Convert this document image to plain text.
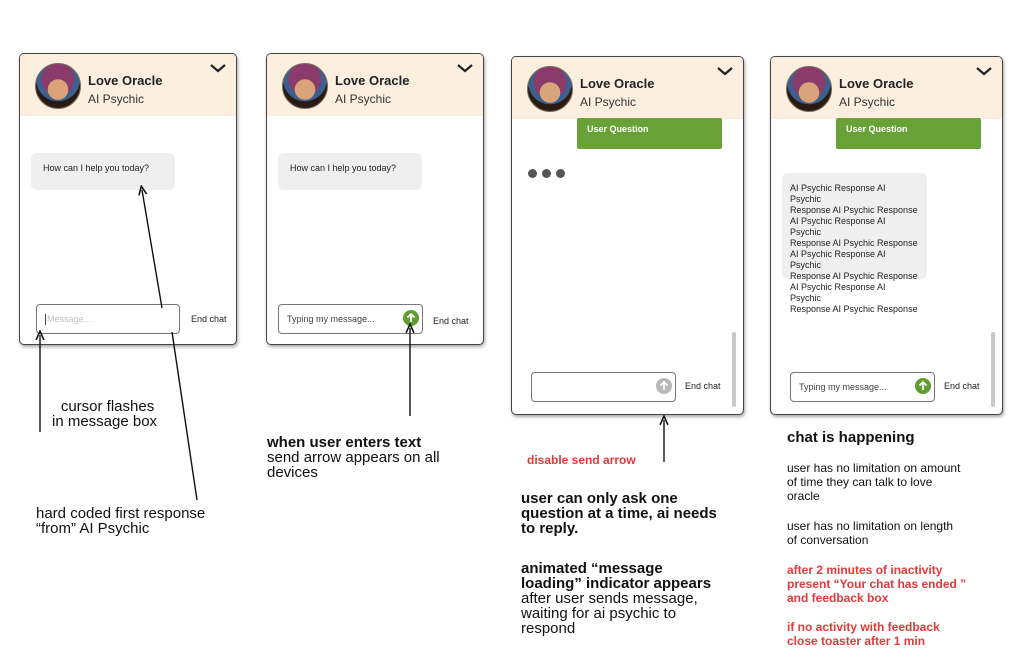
Love Oracle
AI Psychic
How can I help you today?
Message...	End chat
Love Oracle
AI Psychic
How can I help you today?
Typing my message...	End chat
Love Oracle
AI Psychic
User Question
End chat
Love Oracle
AI Psychic
User Question
AI Psychic Response AI Psychic
Response AI Psychic Response
AI Psychic Response AI Psychic
Response AI Psychic Response
AI Psychic Response AI Psychic
Response AI Psychic Response
AI Psychic Response AI Psychic
Response AI Psychic Response
Typing my message...	End chat
cursor flashes
in message box
hard coded first response
“from” AI Psychic
when user enters text
send arrow appears on all
devices
disable send arrow
user can only ask one
question at a time, ai needs
to reply.
animated “message
loading” indicator appears
after user sends message,
waiting for ai psychic to
respond
chat is happening
user has no limitation on amount
of time they can talk to love
oracle
user has no limitation on length
of conversation
after 2 minutes of inactivity
present “Your chat has ended ”
and feedback box
if no activity with feedback
close toaster after 1 min
